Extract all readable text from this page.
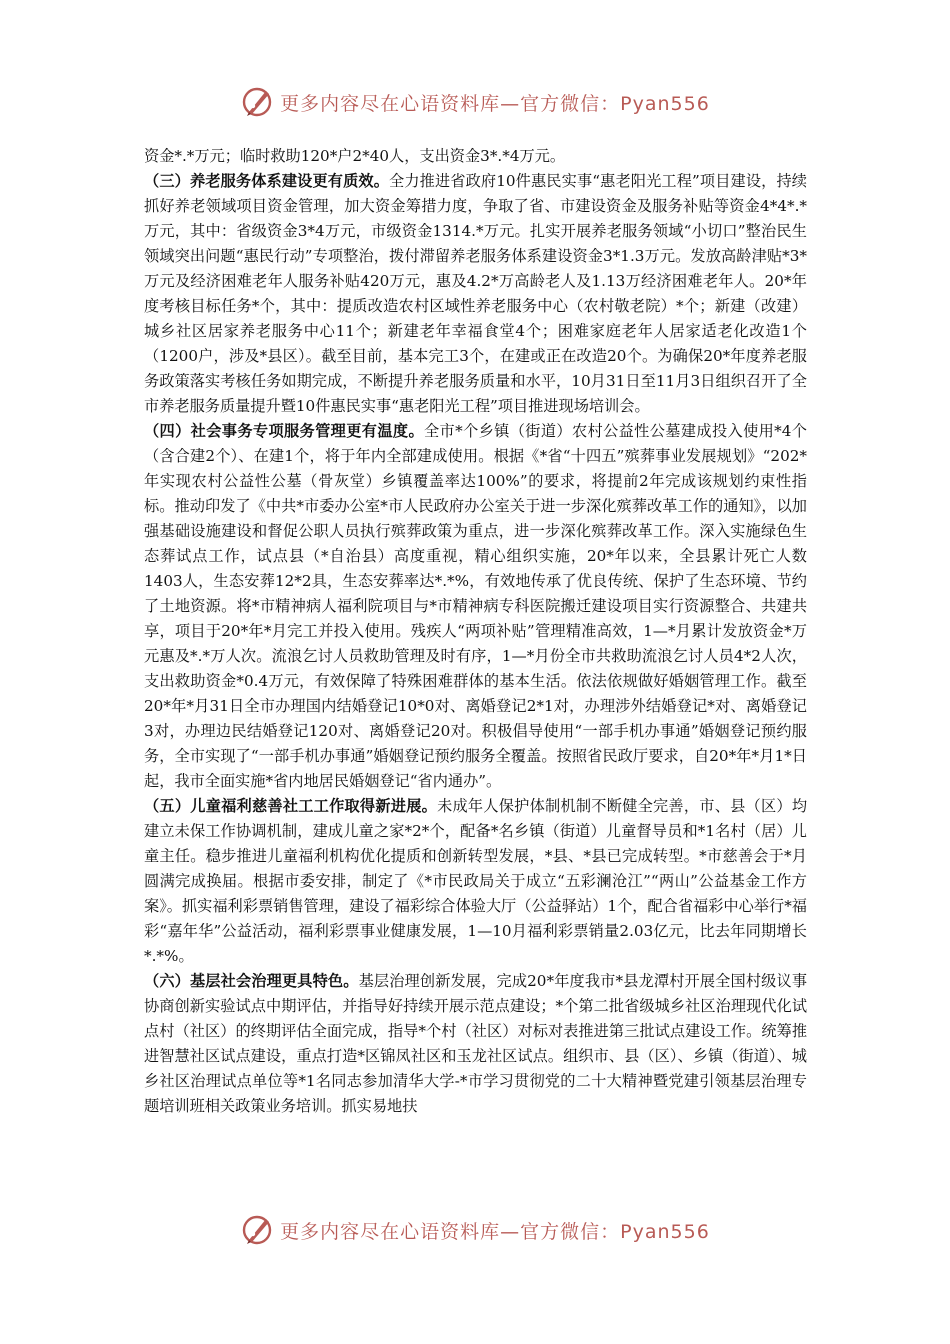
更多内容尽在心语资料库—官方微信：Pyan556

资金*.*万元；临时救助120*户2*40人，支出资金3*.*4万元。

（三）养老服务体系建设更有质效。全力推进省政府10件惠民实事“惠老阳光工程”项目建设，持续抓好养老领域项目资金管理，加大资金筹措力度，争取了省、市建设资金及服务补贴等资金4*4*.*万元，其中：省级资金3*4万元，市级资金1314.*万元。扎实开展养老服务领域“小切口”整治民生领域突出问题“惠民行动”专项整治，拨付滞留养老服务体系建设资金3*1.3万元。发放高龄津贴*3*万元及经济困难老年人服务补贴420万元，惠及4.2*万高龄老人及1.13万经济困难老年人。20*年度考核目标任务*个，其中：提质改造农村区域性养老服务中心（农村敬老院）*个；新建（改建）城乡社区居家养老服务中心11个；新建老年幸福食堂4个；困难家庭老年人居家适老化改造1个（1200户，涉及*县区）。截至目前，基本完工3个，在建或正在改造20个。为确保20*年度养老服务政策落实考核任务如期完成，不断提升养老服务质量和水平，10月31日至11月3日组织召开了全市养老服务质量提升暨10件惠民实事“惠老阳光工程”项目推进现场培训会。

（四）社会事务专项服务管理更有温度。全市*个乡镇（街道）农村公益性公墓建成投入使用*4个（含合建2个）、在建1个，将于年内全部建成使用。根据《*省“十四五”殡葬事业发展规划》“202*年实现农村公益性公墓（骨灰堂）乡镇覆盖率达100%”的要求，将提前2年完成该规划约束性指标。推动印发了《中共*市委办公室*市人民政府办公室关于进一步深化殡葬改革工作的通知》，以加强基础设施建设和督促公职人员执行殡葬政策为重点，进一步深化殡葬改革工作。深入实施绿色生态葬试点工作，试点县（*自治县）高度重视，精心组织实施，20*年以来，全县累计死亡人数1403人，生态安葬12*2具，生态安葬率达*.*%，有效地传承了优良传统、保护了生态环境、节约了土地资源。将*市精神病人福利院项目与*市精神病专科医院搬迁建设项目实行资源整合、共建共享，项目于20*年*月完工并投入使用。残疾人“两项补贴”管理精准高效，1—*月累计发放资金*万元惠及*.*万人次。流浪乞讨人员救助管理及时有序，1—*月份全市共救助流浪乞讨人员4*2人次，支出救助资金*0.4万元，有效保障了特殊困难群体的基本生活。依法依规做好婚姻管理工作。截至20*年*月31日全市办理国内结婚登记10*0对、离婚登记2*1对，办理涉外结婚登记*对、离婚登记3对，办理边民结婚登记120对、离婚登记20对。积极倡导使用“一部手机办事通”婚姻登记预约服务，全市实现了“一部手机办事通”婚姻登记预约服务全覆盖。按照省民政厅要求，自20*年*月1*日起，我市全面实施*省内地居民婚姻登记“省内通办”。

（五）儿童福利慈善社工工作取得新进展。未成年人保护体制机制不断健全完善，市、县（区）均建立未保工作协调机制，建成儿童之家*2*个，配备*名乡镇（街道）儿童督导员和*1名村（居）儿童主任。稳步推进儿童福利机构优化提质和创新转型发展，*县、*县已完成转型。*市慈善会于*月圆满完成换届。根据市委安排，制定了《*市民政局关于成立“五彩澜沧江”“两山”公益基金工作方案》。抓实福利彩票销售管理，建设了福彩综合体验大厅（公益驿站）1个，配合省福彩中心举行*福彩“嘉年华”公益活动，福利彩票事业健康发展，1—10月福利彩票销量2.03亿元，比去年同期增长*.*%。

（六）基层社会治理更具特色。基层治理创新发展，完成20*年度我市*县龙潭村开展全国村级议事协商创新实验试点中期评估，并指导好持续开展示范点建设；*个第二批省级城乡社区治理现代化试点村（社区）的终期评估全面完成，指导*个村（社区）对标对表推进第三批试点建设工作。统筹推进智慧社区试点建设，重点打造*区锦凤社区和玉龙社区试点。组织市、县（区）、乡镇（街道）、城乡社区治理试点单位等*1名同志参加清华大学-*市学习贯彻党的二十大精神暨党建引领基层治理专题培训班相关政策业务培训。抓实易地扶

更多内容尽在心语资料库—官方微信：Pyan556
